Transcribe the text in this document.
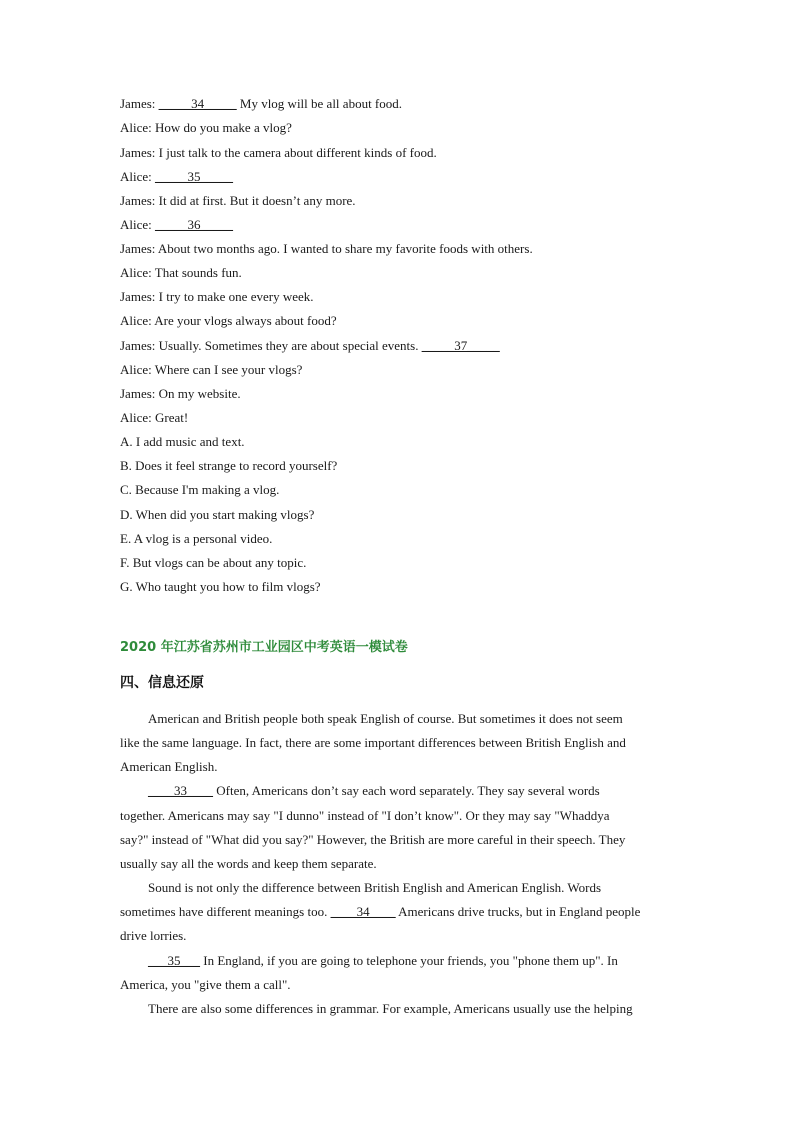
James: _____34_____ My vlog will be all about food.
Alice: How do you make a vlog?
James: I just talk to the camera about different kinds of food.
Alice: _____35_____
James: It did at first. But it doesn’t any more.
Alice: _____36_____
James: About two months ago. I wanted to share my favorite foods with others.
Alice: That sounds fun.
James: I try to make one every week.
Alice: Are your vlogs always about food?
James: Usually. Sometimes they are about special events. _____37_____
Alice: Where can I see your vlogs?
James: On my website.
Alice: Great!
A. I add music and text.
B. Does it feel strange to record yourself?
C. Because I'm making a vlog.
D. When did you start making vlogs?
E. A vlog is a personal video.
F. But vlogs can be about any topic.
G. Who taught you how to film vlogs?
2020 年江苏省苏州市工业园区中考英语一模试卷
四、信息还原
American and British people both speak English of course. But sometimes it does not seem
like the same language. In fact, there are some important differences between British English and
American English.
____33____ Often, Americans don’t say each word separately. They say several words
together. Americans may say "I dunno" instead of "I don’t know". Or they may say "Whaddya
say?" instead of "What did you say?" However, the British are more careful in their speech. They
usually say all the words and keep them separate.
Sound is not only the difference between British English and American English. Words
sometimes have different meanings too. ____34____ Americans drive trucks, but in England people
drive lorries.
___35___ In England, if you are going to telephone your friends, you "phone them up". In
America, you "give them a call".
There are also some differences in grammar. For example, Americans usually use the helping
